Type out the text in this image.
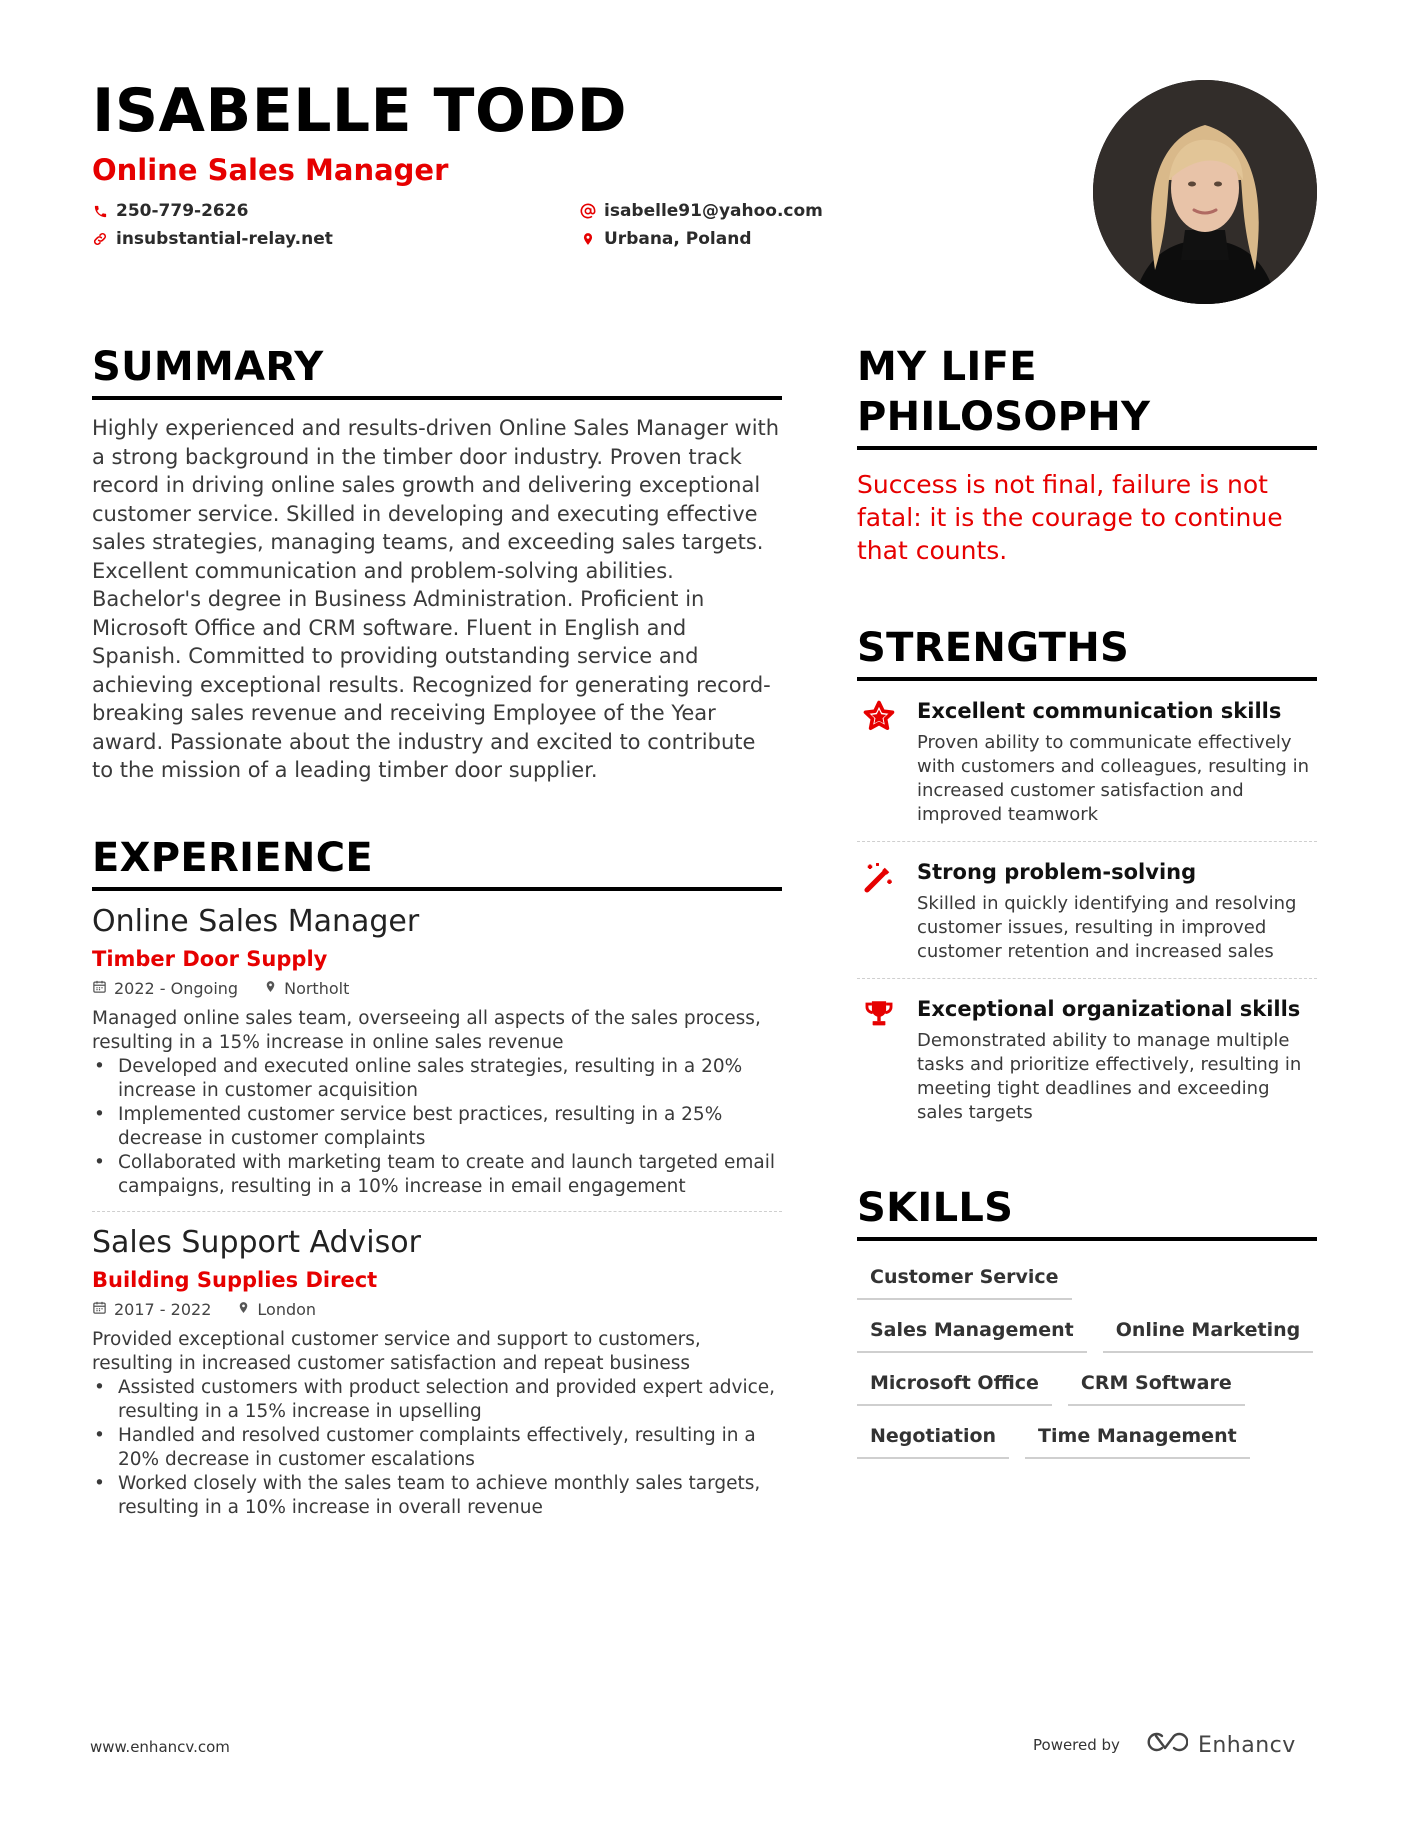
ISABELLE TODD
Online Sales Manager
250-779-2626	isabelle91@yahoo.com
insubstantial-relay.net	Urbana, Poland
SUMMARY
Highly experienced and results-driven Online Sales Manager with a strong background in the timber door industry. Proven track record in driving online sales growth and delivering exceptional customer service. Skilled in developing and executing effective sales strategies, managing teams, and exceeding sales targets. Excellent communication and problem-solving abilities. Bachelor's degree in Business Administration. Proficient in Microsoft Office and CRM software. Fluent in English and Spanish. Committed to providing outstanding service and achieving exceptional results. Recognized for generating record-breaking sales revenue and receiving Employee of the Year award. Passionate about the industry and excited to contribute to the mission of a leading timber door supplier.
EXPERIENCE
Online Sales Manager
Timber Door Supply
2022 - Ongoing	Northolt
Managed online sales team, overseeing all aspects of the sales process, resulting in a 15% increase in online sales revenue
• Developed and executed online sales strategies, resulting in a 20% increase in customer acquisition
• Implemented customer service best practices, resulting in a 25% decrease in customer complaints
• Collaborated with marketing team to create and launch targeted email campaigns, resulting in a 10% increase in email engagement
Sales Support Advisor
Building Supplies Direct
2017 - 2022	London
Provided exceptional customer service and support to customers, resulting in increased customer satisfaction and repeat business
• Assisted customers with product selection and provided expert advice, resulting in a 15% increase in upselling
• Handled and resolved customer complaints effectively, resulting in a 20% decrease in customer escalations
• Worked closely with the sales team to achieve monthly sales targets, resulting in a 10% increase in overall revenue
MY LIFE
PHILOSOPHY
Success is not final, failure is not fatal: it is the courage to continue that counts.
STRENGTHS
Excellent communication skills
Proven ability to communicate effectively with customers and colleagues, resulting in increased customer satisfaction and improved teamwork
Strong problem-solving
Skilled in quickly identifying and resolving customer issues, resulting in improved customer retention and increased sales
Exceptional organizational skills
Demonstrated ability to manage multiple tasks and prioritize effectively, resulting in meeting tight deadlines and exceeding sales targets
SKILLS
Customer Service
Sales Management	Online Marketing
Microsoft Office	CRM Software
Negotiation	Time Management
www.enhancv.com	Powered by	Enhancv
